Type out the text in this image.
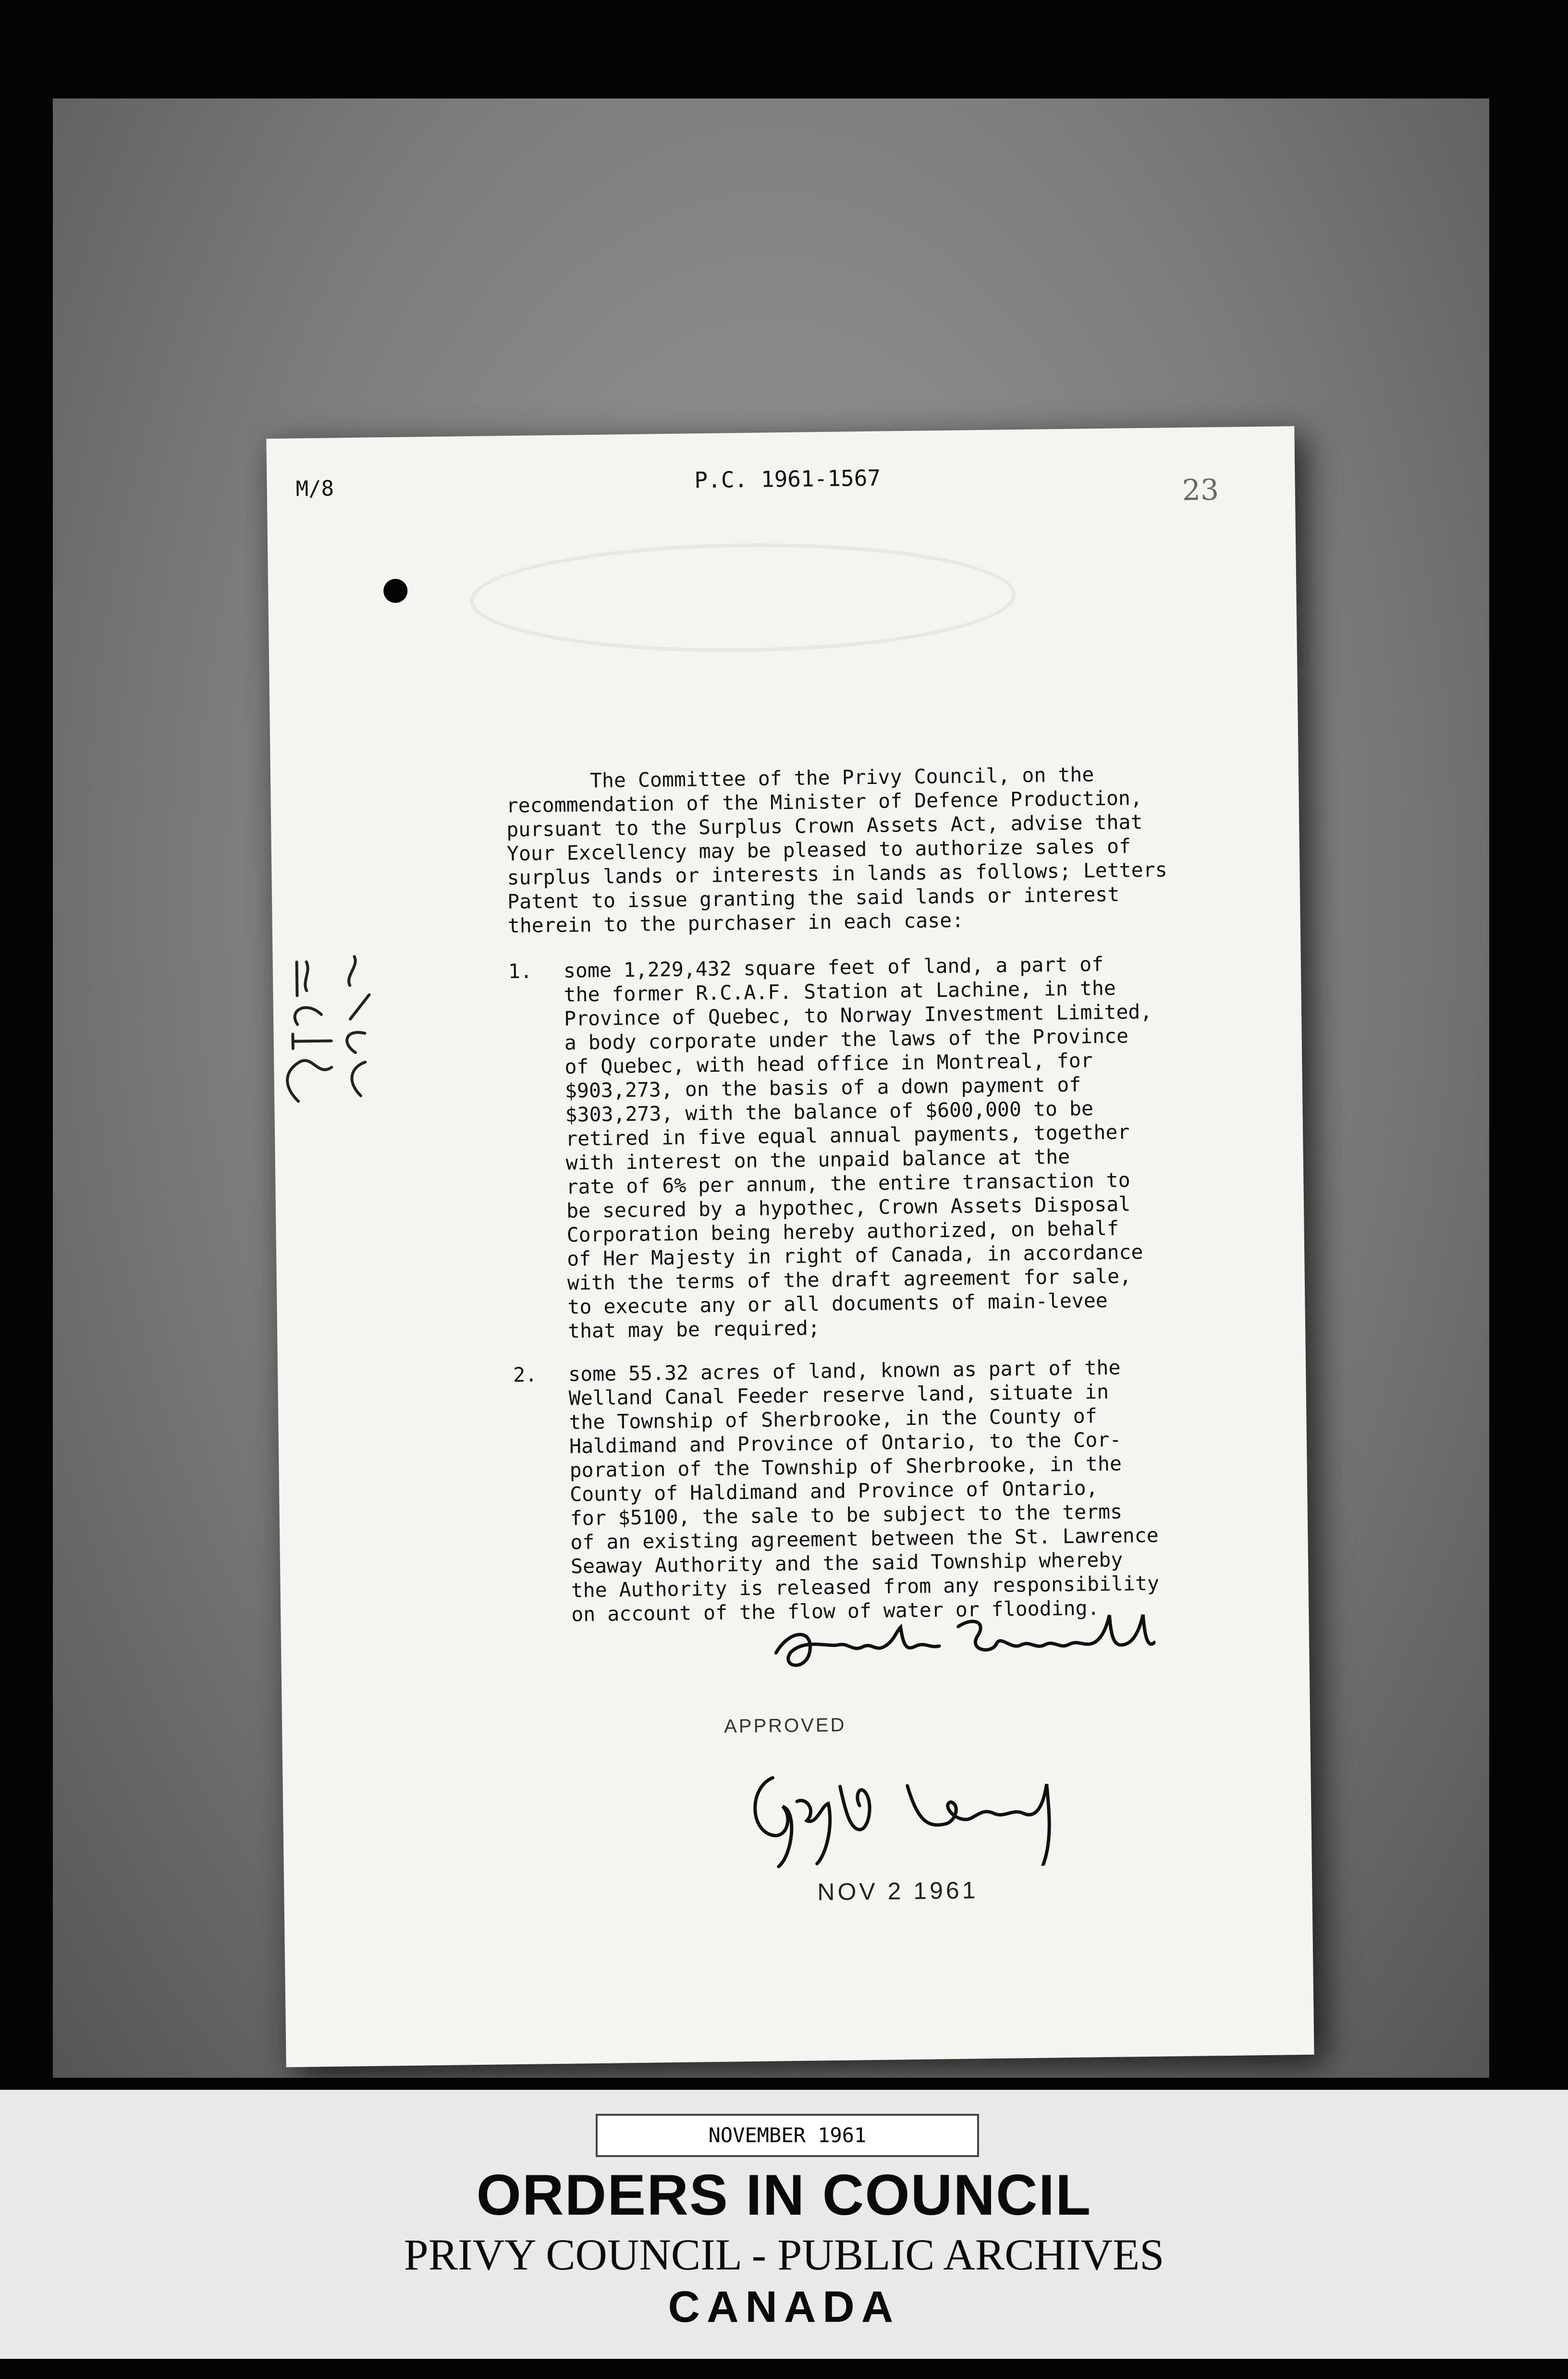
M/8	P.C. 1961-1567	23
The Committee of the Privy Council, on the
recommendation of the Minister of Defence Production,
pursuant to the Surplus Crown Assets Act, advise that
Your Excellency may be pleased to authorize sales of
surplus lands or interests in lands as follows; Letters
Patent to issue granting the said lands or interest
therein to the purchaser in each case:
1.	some 1,229,432 square feet of land, a part of
the former R.C.A.F. Station at Lachine, in the
Province of Quebec, to Norway Investment Limited,
a body corporate under the laws of the Province
of Quebec, with head office in Montreal, for
$903,273, on the basis of a down payment of
$303,273, with the balance of $600,000 to be
retired in five equal annual payments, together
with interest on the unpaid balance at the
rate of 6% per annum, the entire transaction to
be secured by a hypothec, Crown Assets Disposal
Corporation being hereby authorized, on behalf
of Her Majesty in right of Canada, in accordance
with the terms of the draft agreement for sale,
to execute any or all documents of main-levee
that may be required;
2.	some 55.32 acres of land, known as part of the
Welland Canal Feeder reserve land, situate in
the Township of Sherbrooke, in the County of
Haldimand and Province of Ontario, to the Cor-
poration of the Township of Sherbrooke, in the
County of Haldimand and Province of Ontario,
for $5100, the sale to be subject to the terms
of an existing agreement between the St. Lawrence
Seaway Authority and the said Township whereby
the Authority is released from any responsibility
on account of the flow of water or flooding.
APPROVED
NOV 2 1961
NOVEMBER 1961
ORDERS IN COUNCIL
PRIVY COUNCIL - PUBLIC ARCHIVES
CANADA
